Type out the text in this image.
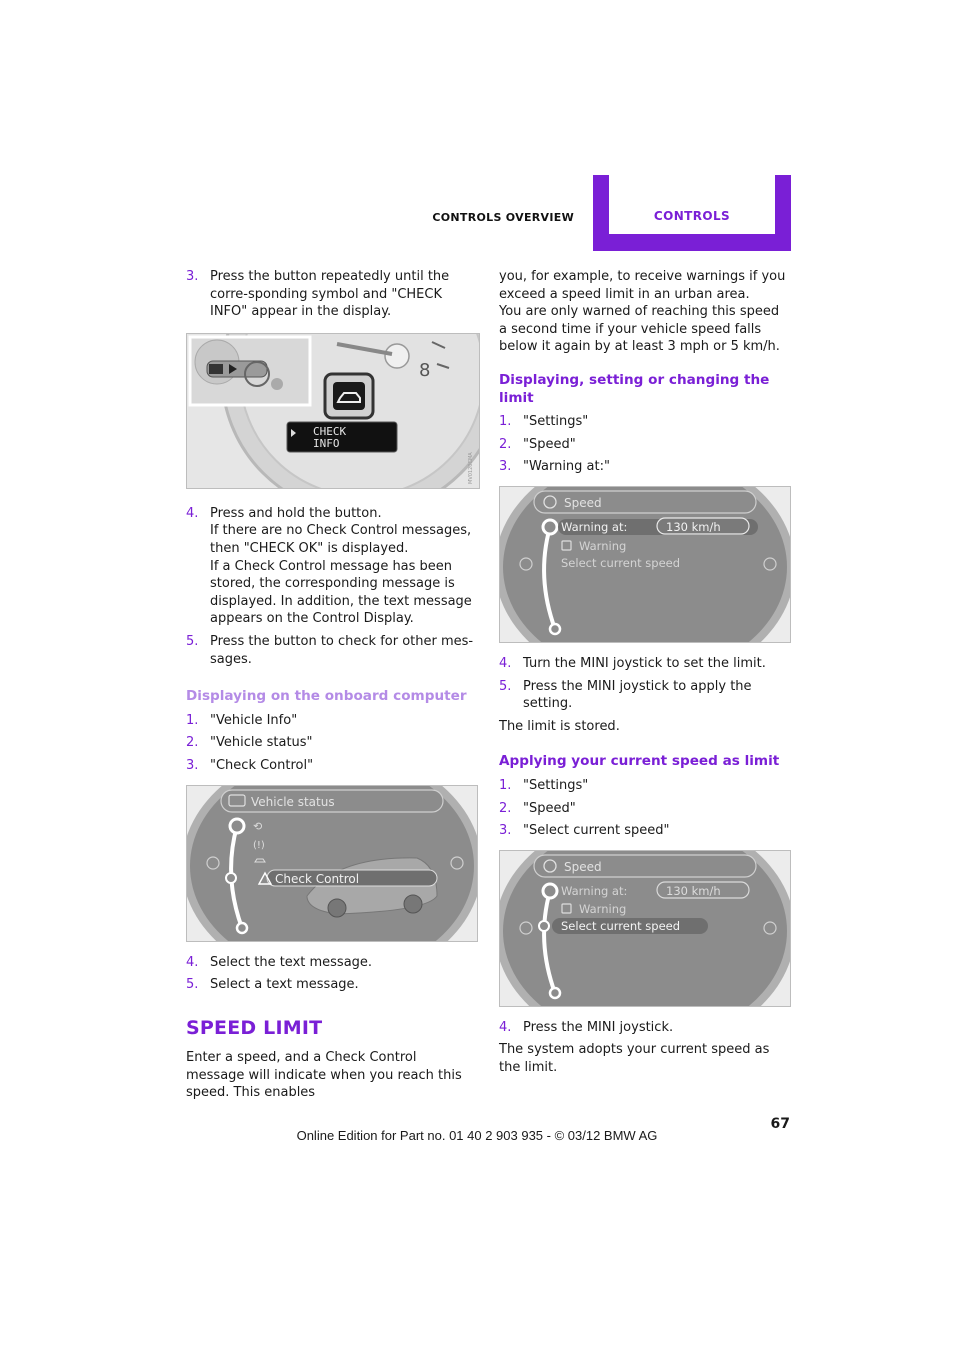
CONTROLS OVERVIEW	CONTROLS
3. Press the button repeatedly until the corre-sponding symbol and "CHECK INFO" appear in the display.
8
CHECK
INFO
MV0120CMA
4. Press and hold the button.
If there are no Check Control messages, then "CHECK OK" is displayed.
If a Check Control message has been stored, the corresponding message is displayed. In addition, the text message appears on the Control Display.
5. Press the button to check for other mes-sages.
Displaying on the onboard computer
1. "Vehicle Info"
2. "Vehicle status"
3. "Check Control"
Vehicle status
⟲
(!)
Check Control
4. Select the text message.
5. Select a text message.
SPEED LIMIT
Enter a speed, and a Check Control message will indicate when you reach this speed. This enables
you, for example, to receive warnings if you exceed a speed limit in an urban area.
You are only warned of reaching this speed a second time if your vehicle speed falls below it again by at least 3 mph or 5 km/h.
Displaying, setting or changing the limit
1. "Settings"
2. "Speed"
3. "Warning at:"
Speed
Warning at:	130 km/h
Warning
Select current speed
4. Turn the MINI joystick to set the limit.
5. Press the MINI joystick to apply the setting.
The limit is stored.
Applying your current speed as limit
1. "Settings"
2. "Speed"
3. "Select current speed"
Speed
Warning at:	130 km/h
Warning
Select current speed
4. Press the MINI joystick.
The system adopts your current speed as the limit.
67
Online Edition for Part no. 01 40 2 903 935 - © 03/12 BMW AG
